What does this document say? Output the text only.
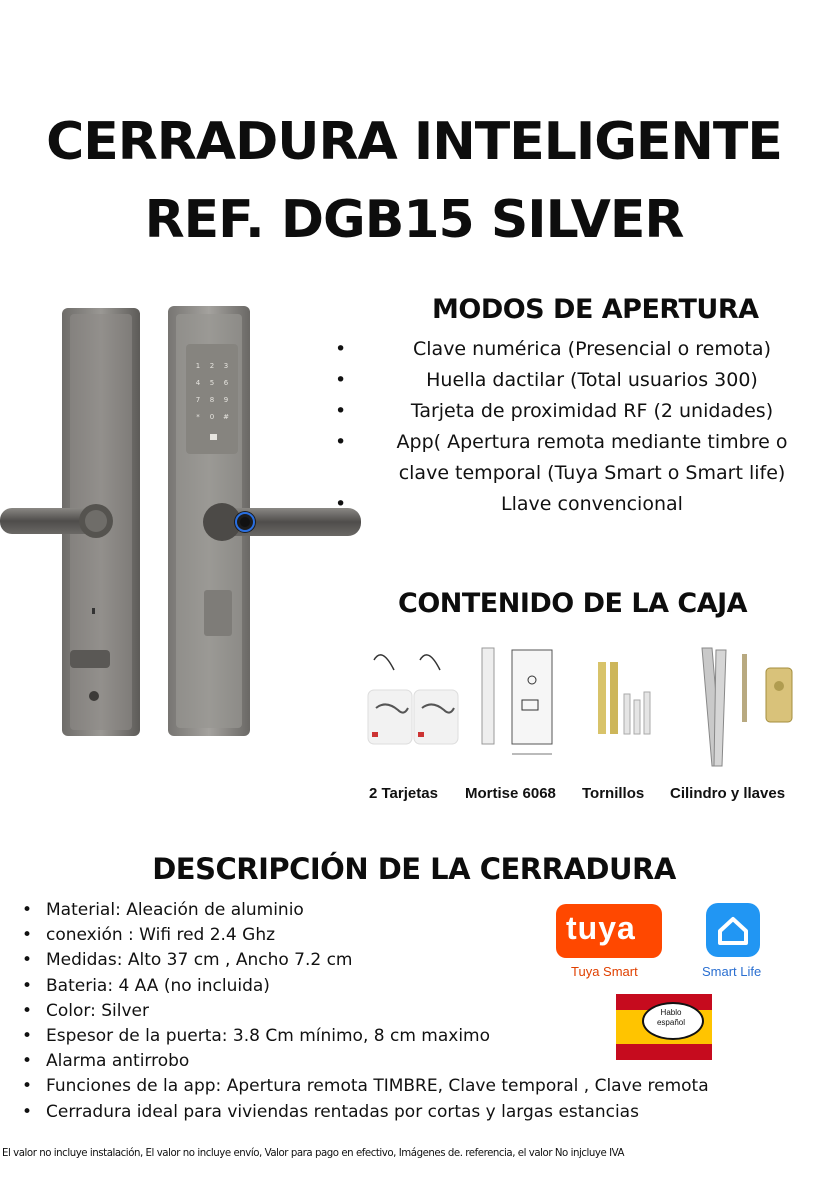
CERRADURA INTELIGENTE
REF. DGB15 SILVER
1 2 3
4 5 6
7 8 9
* 0 #
MODOS DE APERTURA
•	Clave numérica (Presencial o remota)
•	Huella dactilar (Total usuarios 300)
•	Tarjeta de proximidad RF (2 unidades)
•	App( Apertura remota mediante timbre o
clave temporal (Tuya Smart o Smart life)
•	Llave convencional
CONTENIDO DE LA CAJA
2 Tarjetas Mortise 6068 Tornillos Cilindro y llaves
DESCRIPCIÓN DE LA CERRADURA
• Material: Aleación de aluminio
• conexión : Wifi red 2.4 Ghz
• Medidas: Alto 37 cm , Ancho 7.2 cm
• Bateria: 4 AA (no incluida)
• Color: Silver
• Espesor de la puerta: 3.8 Cm mínimo, 8 cm maximo
• Alarma antirrobo
• Funciones de la app: Apertura remota TIMBRE, Clave temporal , Clave remota
• Cerradura ideal para viviendas rentadas por cortas y largas estancias
tuya
Tuya Smart	Smart Life
Hablo español
El valor no incluye instalación, El valor no incluye envío, Valor para pago en efectivo, Imágenes de. referencia, el valor No injcluye IVA
